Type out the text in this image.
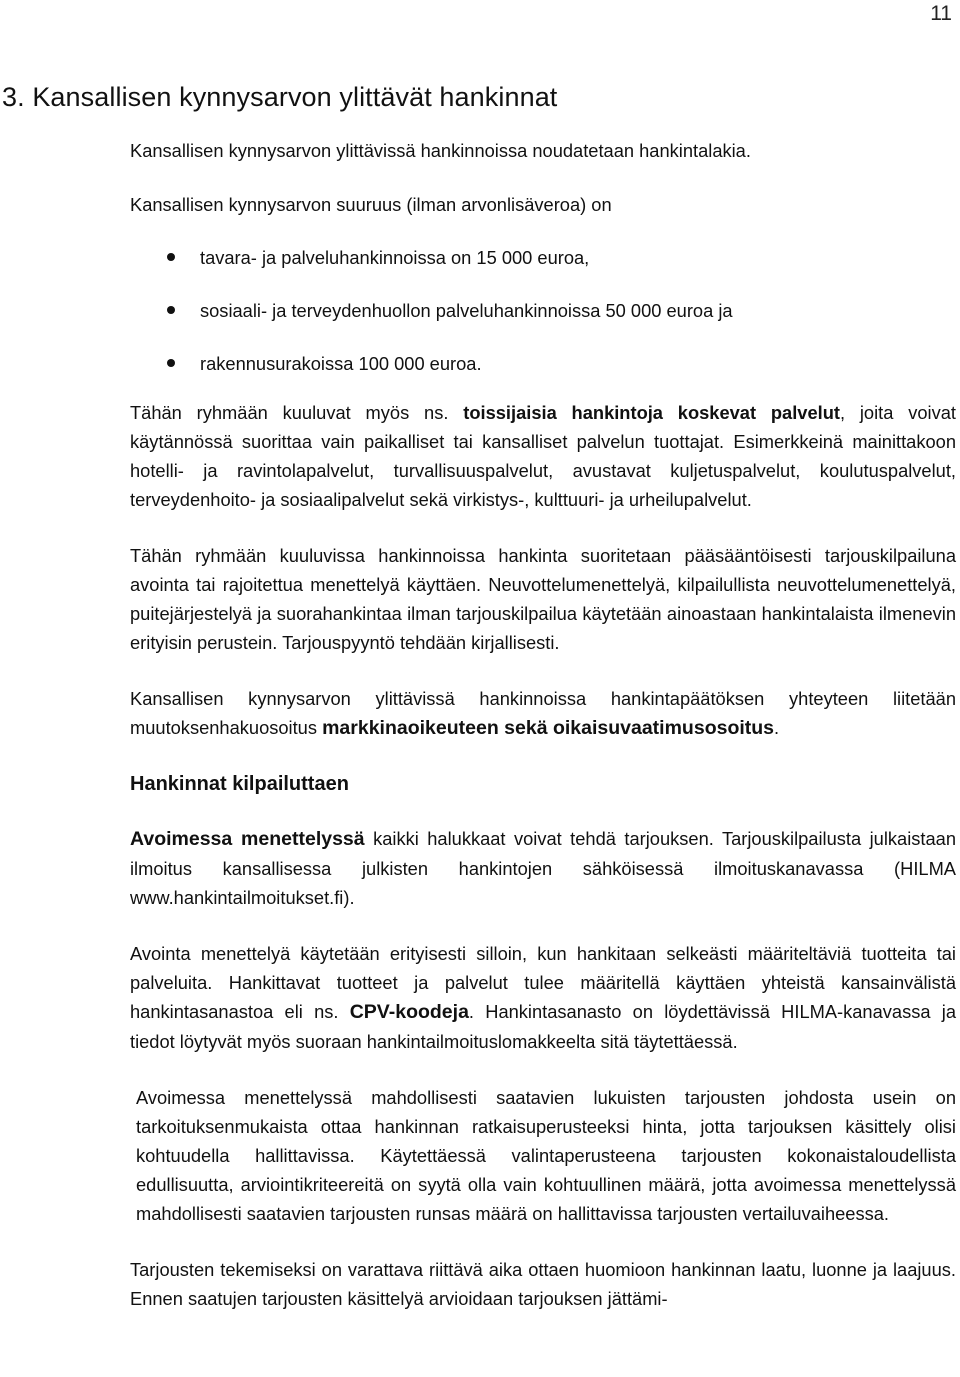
11
3. Kansallisen kynnysarvon ylittävät hankinnat

Kansallisen kynnysarvon ylittävissä hankinnoissa noudatetaan hankintalakia.

Kansallisen kynnysarvon suuruus (ilman arvonlisäveroa) on

tavara- ja palveluhankinnoissa on 15 000 euroa,
sosiaali- ja terveydenhuollon palveluhankinnoissa 50 000 euroa ja
rakennusurakoissa 100 000 euroa.

Tähän ryhmään kuuluvat myös ns. toissijaisia hankintoja koskevat palvelut, joita voivat käytännössä suorittaa vain paikalliset tai kansalliset palvelun tuottajat. Esimerkkeinä mainittakoon hotelli- ja ravintolapalvelut, turvallisuuspalvelut, avustavat kuljetuspalvelut, koulutuspalvelut, terveydenhoito- ja sosiaalipalvelut sekä virkistys-, kulttuuri- ja urheilupalvelut.

Tähän ryhmään kuuluvissa hankinnoissa hankinta suoritetaan pääsääntöisesti tarjouskilpailuna avointa tai rajoitettua menettelyä käyttäen. Neuvottelumenettelyä, kilpailullista neuvottelumenettelyä, puitejärjestelyä ja suorahankintaa ilman tarjouskilpailua käytetään ainoastaan hankintalaista ilmenevin erityisin perustein. Tarjouspyyntö tehdään kirjallisesti.

Kansallisen kynnysarvon ylittävissä hankinnoissa hankintapäätöksen yhteyteen liitetään muutoksenhakuosoitus markkinaoikeuteen sekä oikaisuvaatimusosoitus.

Hankinnat kilpailuttaen

Avoimessa menettelyssä kaikki halukkaat voivat tehdä tarjouksen. Tarjouskilpailusta julkaistaan ilmoitus kansallisessa julkisten hankintojen sähköisessä ilmoituskanavassa (HILMA www.hankintailmoitukset.fi).

Avointa menettelyä käytetään erityisesti silloin, kun hankitaan selkeästi määriteltäviä tuotteita tai palveluita. Hankittavat tuotteet ja palvelut tulee määritellä käyttäen yhteistä kansainvälistä hankintasanastoa eli ns. CPV-koodeja. Hankintasanasto on löydettävissä HILMA-kanavassa ja tiedot löytyvät myös suoraan hankintailmoituslomakkeelta sitä täytettäessä.

Avoimessa menettelyssä mahdollisesti saatavien lukuisten tarjousten johdosta usein on tarkoituksenmukaista ottaa hankinnan ratkaisuperusteeksi hinta, jotta tarjouksen käsittely olisi kohtuudella hallittavissa. Käytettäessä valintaperusteena tarjousten kokonaistaloudellista edullisuutta, arviointikriteereitä on syytä olla vain kohtuullinen määrä, jotta avoimessa menettelyssä mahdollisesti saatavien tarjousten runsas määrä on hallittavissa tarjousten vertailuvaiheessa.

Tarjousten tekemiseksi on varattava riittävä aika ottaen huomioon hankinnan laatu, luonne ja laajuus. Ennen saatujen tarjousten käsittelyä arvioidaan tarjouksen jättämi-
